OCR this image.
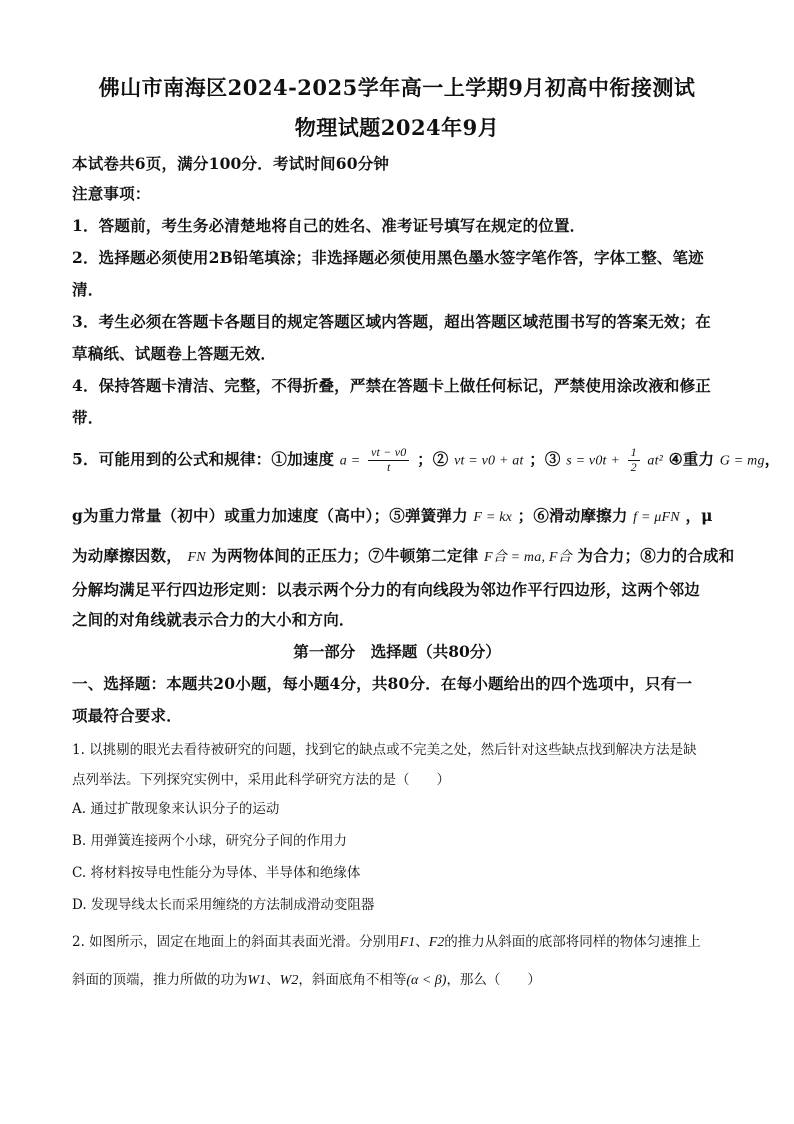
佛山市南海区2024-2025学年高一上学期9月初高中衔接测试
物理试题2024年9月
本试卷共6页，满分100分．考试时间60分钟
注意事项：
1．答题前，考生务必清楚地将自己的姓名、准考证号填写在规定的位置．
2．选择题必须使用2B铅笔填涂；非选择题必须使用黑色墨水签字笔作答，字体工整、笔迹
清．
3．考生必须在答题卡各题目的规定答题区域内答题，超出答题区域范围书写的答案无效；在
草稿纸、试题卷上答题无效．
4．保持答题卡清洁、完整，不得折叠，严禁在答题卡上做任何标记，严禁使用涂改液和修正
带．
5．可能用到的公式和规律：①加速度 $a = \frac{vt - v0}{t}$ ；② vt = v0 + at ；③ $s = v0t + \frac{1}{2} at^2$ ④重力 G = mg，
g为重力常量（初中）或重力加速度（高中）；⑤弹簧弹力 F = kx ；⑥滑动摩擦力 f = μFN ，μ
为动摩擦因数， FN 为两物体间的正压力；⑦牛顿第二定律 F合 = ma, F合 为合力；⑧力的合成和
分解均满足平行四边形定则：以表示两个分力的有向线段为邻边作平行四边形，这两个邻边
之间的对角线就表示合力的大小和方向．
第一部分　选择题（共80分）
一、选择题：本题共20小题，每小题4分，共80分．在每小题给出的四个选项中，只有一
项最符合要求．
1. 以挑剔的眼光去看待被研究的问题，找到它的缺点或不完美之处，然后针对这些缺点找到解决方法是缺
点列举法。下列探究实例中，采用此科学研究方法的是（　　）
A. 通过扩散现象来认识分子的运动
B. 用弹簧连接两个小球，研究分子间的作用力
C. 将材料按导电性能分为导体、半导体和绝缘体
D. 发现导线太长而采用缠绕的方法制成滑动变阻器
2. 如图所示，固定在地面上的斜面其表面光滑。分别用F1、F2的推力从斜面的底部将同样的物体匀速推上
斜面的顶端，推力所做的功为W1、W2，斜面底角不相等(α < β)，那么（　　）
